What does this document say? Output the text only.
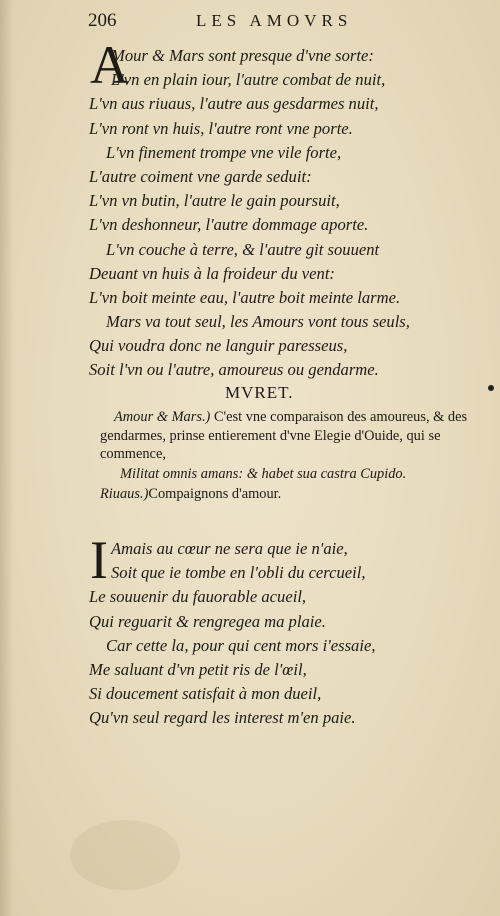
206	LES AMOVRS
A
Mour & Mars sont presque d'vne sorte:
L'vn en plain iour, l'autre combat de nuit,
L'vn aus riuaus, l'autre aus gesdarmes nuit,
L'vn ront vn huis, l'autre ront vne porte.
L'vn finement trompe vne vile forte,
L'autre coiment vne garde seduit:
L'vn vn butin, l'autre le gain poursuit,
L'vn deshonneur, l'autre dommage aporte.
L'vn couche à terre, & l'autre git souuent
Deuant vn huis à la froideur du vent:
L'vn boit meinte eau, l'autre boit meinte larme.
Mars va tout seul, les Amours vont tous seuls,
Qui voudra donc ne languir paresseus,
Soit l'vn ou l'autre, amoureus ou gendarme.
MVRET.
Amour & Mars.) C'est vne comparaison des amoureus, & des gendarmes, prinse entierement d'vne Elegie d'Ouide, qui se commence,
Militat omnis amans: & habet sua castra Cupido.
Riuaus.)Compaignons d'amour.
I Amais au cœur ne sera que ie n'aie,
Soit que ie tombe en l'obli du cercueil,
Le souuenir du fauorable acueil,
Qui reguarit & rengregea ma plaie.
Car cette la, pour qui cent mors i'essaie,
Me saluant d'vn petit ris de l'œil,
Si doucement satisfait à mon dueil,
Qu'vn seul regard les interest m'en paie.
